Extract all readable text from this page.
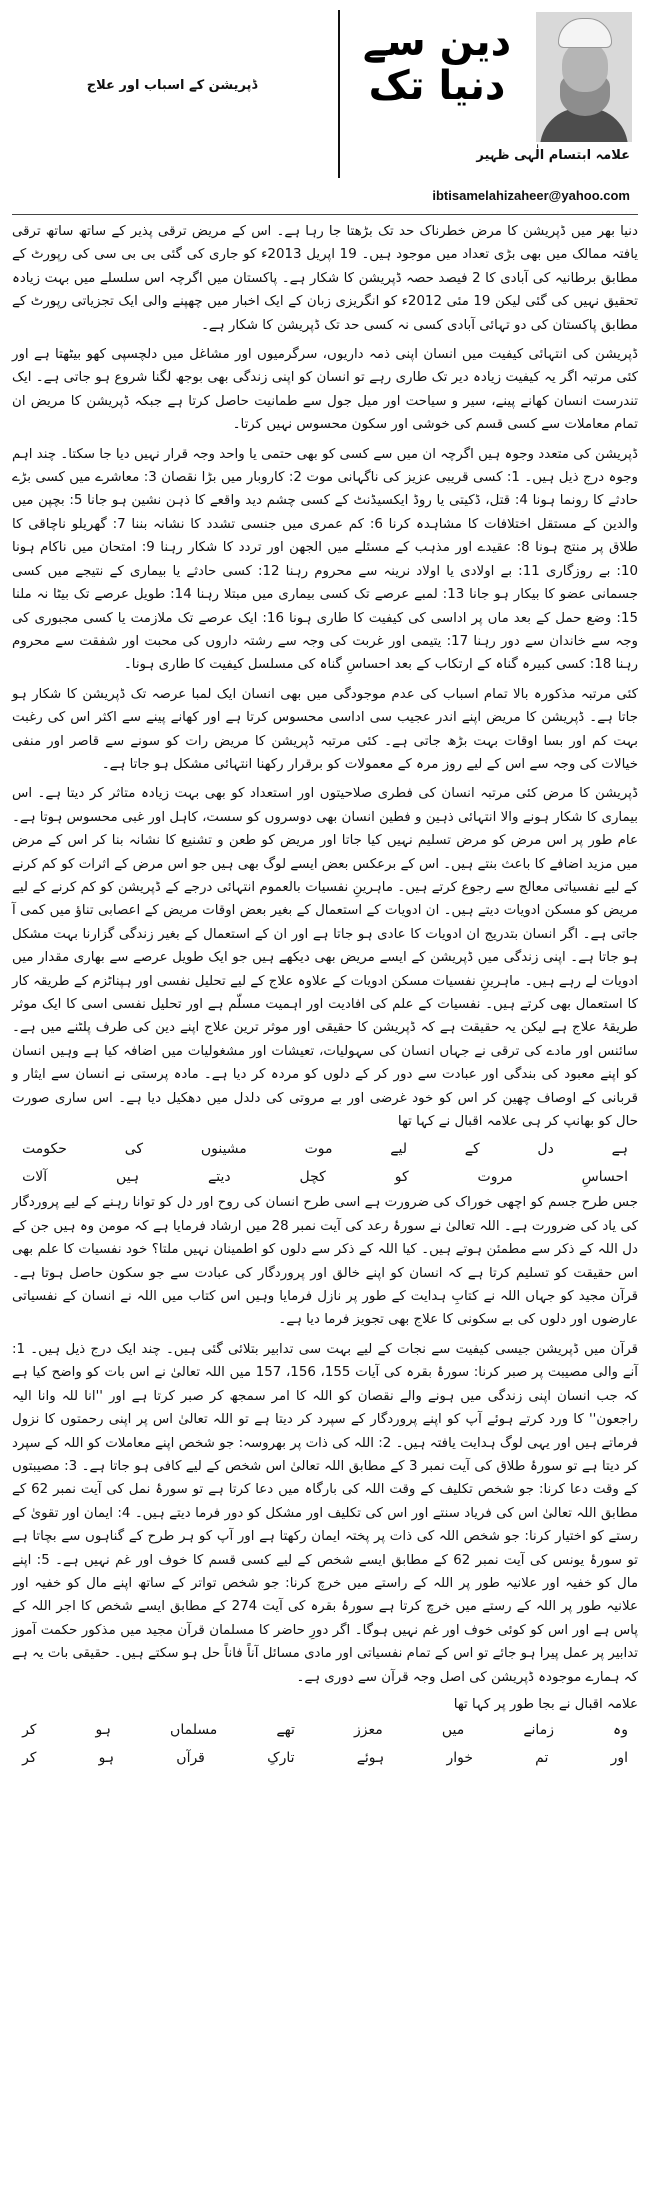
دین سے
دنیا تک
علامہ ابتسام الٰہی ظہیر
ڈپریشن کے اسباب اور علاج
ibtisamelahizaheer@yahoo.com

دنیا بھر میں ڈپریشن کا مرض خطرناک حد تک بڑھتا جا رہا ہے۔ اس کے مریض ترقی پذیر کے ساتھ ساتھ ترقی یافتہ ممالک میں بھی بڑی تعداد میں موجود ہیں۔ 19 اپریل 2013ء کو جاری کی گئی بی بی سی کی رپورٹ کے مطابق برطانیہ کی آبادی کا 2 فیصد حصہ ڈپریشن کا شکار ہے۔ پاکستان میں اگرچہ اس سلسلے میں بہت زیادہ تحقیق نہیں کی گئی لیکن 19 مئی 2012ء کو انگریزی زبان کے ایک اخبار میں چھپنے والی ایک تجزیاتی رپورٹ کے مطابق پاکستان کی دو تہائی آبادی کسی نہ کسی حد تک ڈپریشن کا شکار ہے۔

ڈپریشن کی انتہائی کیفیت میں انسان اپنی ذمہ داریوں، سرگرمیوں اور مشاغل میں دلچسپی کھو بیٹھتا ہے اور کئی مرتبہ اگر یہ کیفیت زیادہ دیر تک طاری رہے تو انسان کو اپنی زندگی بھی بوجھ لگنا شروع ہو جاتی ہے۔ ایک تندرست انسان کھانے پینے، سیر و سیاحت اور میل جول سے طمانیت حاصل کرتا ہے جبکہ ڈپریشن کا مریض ان تمام معاملات سے کسی قسم کی خوشی اور سکون محسوس نہیں کرتا۔

ڈپریشن کی متعدد وجوہ ہیں اگرچہ ان میں سے کسی کو بھی حتمی یا واحد وجہ قرار نہیں دیا جا سکتا۔ چند اہم وجوہ درج ذیل ہیں۔ 1: کسی قریبی عزیز کی ناگہانی موت 2: کاروبار میں بڑا نقصان 3: معاشرے میں کسی بڑے حادثے کا رونما ہونا 4: قتل، ڈکیتی یا روڈ ایکسیڈنٹ کے کسی چشم دید واقعے کا ذہن نشین ہو جانا 5: بچپن میں والدین کے مستقل اختلافات کا مشاہدہ کرنا 6: کم عمری میں جنسی تشدد کا نشانہ بننا 7: گھریلو ناچاقی کا طلاق پر منتج ہونا 8: عقیدے اور مذہب کے مسئلے میں الجھن اور تردد کا شکار رہنا 9: امتحان میں ناکام ہونا 10: بے روزگاری 11: بے اولادی یا اولاد نرینہ سے محروم رہنا 12: کسی حادثے یا بیماری کے نتیجے میں کسی جسمانی عضو کا بیکار ہو جانا 13: لمبے عرصے تک کسی بیماری میں مبتلا رہنا 14: طویل عرصے تک بیٹا نہ ملنا 15: وضع حمل کے بعد ماں پر اداسی کی کیفیت کا طاری ہونا 16: ایک عرصے تک ملازمت یا کسی مجبوری کی وجہ سے خاندان سے دور رہنا 17: یتیمی اور غربت کی وجہ سے رشتہ داروں کی محبت اور شفقت سے محروم رہنا 18: کسی کبیرہ گناہ کے ارتکاب کے بعد احساسِ گناہ کی مسلسل کیفیت کا طاری ہونا۔

کئی مرتبہ مذکورہ بالا تمام اسباب کی عدم موجودگی میں بھی انسان ایک لمبا عرصہ تک ڈپریشن کا شکار ہو جاتا ہے۔ ڈپریشن کا مریض اپنے اندر عجیب سی اداسی محسوس کرتا ہے اور کھانے پینے سے اکثر اس کی رغبت بہت کم اور بسا اوقات بہت بڑھ جاتی ہے۔ کئی مرتبہ ڈپریشن کا مریض رات کو سونے سے قاصر اور منفی خیالات کی وجہ سے اس کے لیے روز مرہ کے معمولات کو برقرار رکھنا انتہائی مشکل ہو جاتا ہے۔

ڈپریشن کا مرض کئی مرتبہ انسان کی فطری صلاحیتوں اور استعداد کو بھی بہت زیادہ متاثر کر دیتا ہے۔ اس بیماری کا شکار ہونے والا انتہائی ذہین و فطین انسان بھی دوسروں کو سست، کاہل اور غبی محسوس ہوتا ہے۔ عام طور پر اس مرض کو مرض تسلیم نہیں کیا جاتا اور مریض کو طعن و تشنیع کا نشانہ بنا کر اس کے مرض میں مزید اضافے کا باعث بنتے ہیں۔ اس کے برعکس بعض ایسے لوگ بھی ہیں جو اس مرض کے اثرات کو کم کرنے کے لیے نفسیاتی معالج سے رجوع کرتے ہیں۔ ماہرینِ نفسیات بالعموم انتہائی درجے کے ڈپریشن کو کم کرنے کے لیے مریض کو مسکن ادویات دیتے ہیں۔ ان ادویات کے استعمال کے بغیر بعض اوقات مریض کے اعصابی تناؤ میں کمی آ جاتی ہے۔ اگر انسان بتدریج ان ادویات کا عادی ہو جاتا ہے اور ان کے استعمال کے بغیر زندگی گزارنا بہت مشکل ہو جاتا ہے۔ اپنی زندگی میں ڈپریشن کے ایسے مریض بھی دیکھے ہیں جو ایک طویل عرصے سے بھاری مقدار میں ادویات لے رہے ہیں۔ ماہرینِ نفسیات مسکن ادویات کے علاوہ علاج کے لیے تحلیل نفسی اور ہپناٹزم کے طریقہ کار کا استعمال بھی کرتے ہیں۔ نفسیات کے علم کی افادیت اور اہمیت مسلّم ہے اور تحلیل نفسی اسی کا ایک موثر طریقۂ علاج ہے لیکن یہ حقیقت ہے کہ ڈپریشن کا حقیقی اور موثر ترین علاج اپنے دین کی طرف پلٹنے میں ہے۔ سائنس اور مادے کی ترقی نے جہاں انسان کی سہولیات، تعیشات اور مشغولیات میں اضافہ کیا ہے وہیں انسان کو اپنے معبود کی بندگی اور عبادت سے دور کر کے دلوں کو مردہ کر دیا ہے۔ مادہ پرستی نے انسان سے ایثار و قربانی کے اوصاف چھین کر اس کو خود غرضی اور بے مروتی کی دلدل میں دھکیل دیا ہے۔ اس ساری صورت حال کو بھانپ کر ہی علامہ اقبال نے کہا تھا

ہے
دل
کے
لیے
موت
مشینوں
کی
حکومت
احساسِ
مروت
کو
کچل
دیتے
ہیں
آلات

جس طرح جسم کو اچھی خوراک کی ضرورت ہے اسی طرح انسان کی روح اور دل کو توانا رہنے کے لیے پروردگار کی یاد کی ضرورت ہے۔ اللہ تعالیٰ نے سورۂ رعد کی آیت نمبر 28 میں ارشاد فرمایا ہے کہ مومن وہ ہیں جن کے دل اللہ کے ذکر سے مطمئن ہوتے ہیں۔ کیا اللہ کے ذکر سے دلوں کو اطمینان نہیں ملتا؟ خود نفسیات کا علم بھی اس حقیقت کو تسلیم کرتا ہے کہ انسان کو اپنے خالق اور پروردگار کی عبادت سے جو سکون حاصل ہوتا ہے۔ قرآن مجید کو جہاں اللہ نے کتابِ ہدایت کے طور پر نازل فرمایا وہیں اس کتاب میں اللہ نے انسان کے نفسیاتی عارضوں اور دلوں کی بے سکونی کا علاج بھی تجویز فرما دیا ہے۔

قرآن میں ڈپریشن جیسی کیفیت سے نجات کے لیے بہت سی تدابیر بتلائی گئی ہیں۔ چند ایک درج ذیل ہیں۔ 1: آنے والی مصیبت پر صبر کرنا: سورۂ بقرہ کی آیات 155، 156، 157 میں اللہ تعالیٰ نے اس بات کو واضح کیا ہے کہ جب انسان اپنی زندگی میں ہونے والے نقصان کو اللہ کا امر سمجھ کر صبر کرتا ہے اور ''انا للہ وانا الیہ راجعون'' کا ورد کرتے ہوئے آپ کو اپنے پروردگار کے سپرد کر دیتا ہے تو اللہ تعالیٰ اس پر اپنی رحمتوں کا نزول فرماتے ہیں اور یہی لوگ ہدایت یافتہ ہیں۔ 2: اللہ کی ذات پر بھروسہ: جو شخص اپنے معاملات کو اللہ کے سپرد کر دیتا ہے تو سورۂ طلاق کی آیت نمبر 3 کے مطابق اللہ تعالیٰ اس شخص کے لیے کافی ہو جاتا ہے۔ 3: مصیبتوں کے وقت دعا کرنا: جو شخص تکلیف کے وقت اللہ کی بارگاہ میں دعا کرتا ہے تو سورۂ نمل کی آیت نمبر 62 کے مطابق اللہ تعالیٰ اس کی فریاد سنتے اور اس کی تکلیف اور مشکل کو دور فرما دیتے ہیں۔ 4: ایمان اور تقویٰ کے رستے کو اختیار کرنا: جو شخص اللہ کی ذات پر پختہ ایمان رکھتا ہے اور آپ کو ہر طرح کے گناہوں سے بچاتا ہے تو سورۂ یونس کی آیت نمبر 62 کے مطابق ایسے شخص کے لیے کسی قسم کا خوف اور غم نہیں ہے۔ 5: اپنے مال کو خفیہ اور علانیہ طور پر اللہ کے راستے میں خرچ کرنا: جو شخص تواتر کے ساتھ اپنے مال کو خفیہ اور علانیہ طور پر اللہ کے رستے میں خرچ کرتا ہے سورۂ بقرہ کی آیت 274 کے مطابق ایسے شخص کا اجر اللہ کے پاس ہے اور اس کو کوئی خوف اور غم نہیں ہوگا۔ اگر دورِ حاضر کا مسلمان قرآن مجید میں مذکور حکمت آموز تدابیر پر عمل پیرا ہو جائے تو اس کے تمام نفسیاتی اور مادی مسائل آناً فاناً حل ہو سکتے ہیں۔ حقیقی بات یہ ہے کہ ہمارے موجودہ ڈپریشن کی اصل وجہ قرآن سے دوری ہے۔

علامہ اقبال نے بجا طور پر کہا تھا
وہ
زمانے
میں
معزز
تھے
مسلماں
ہو
کر
اور
تم
خوار
ہوئے
تارکِ
قرآں
ہو
کر
